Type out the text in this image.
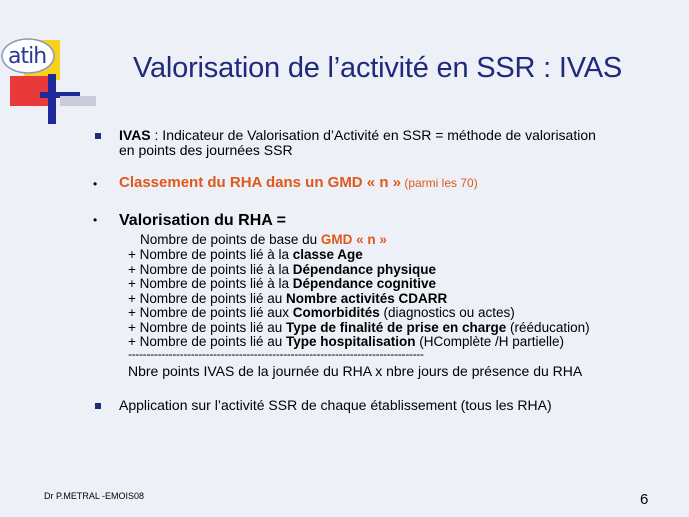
atih	Valorisation de l’activité en SSR : IVAS
IVAS : Indicateur de Valorisation d’Activité en SSR = méthode de valorisation
en points des journées SSR
• Classement du RHA dans un GMD « n » (parmi les 70)
• Valorisation du RHA =
Nombre de points de base du GMD « n »
+ Nombre de points lié à la classe Age
+ Nombre de points lié à la Dépendance physique
+ Nombre de points lié à la Dépendance cognitive
+ Nombre de points lié au Nombre activités CDARR
+ Nombre de points lié aux Comorbidités (diagnostics ou actes)
+ Nombre de points lié au Type de finalité de prise en charge (rééducation)
+ Nombre de points lié au Type hospitalisation (HComplète /H partielle)
--------------------------------------------------------------------------------
Nbre points IVAS de la journée du RHA x nbre jours de présence du RHA
Application sur l’activité SSR de chaque établissement (tous les RHA)
Dr P.METRAL -EMOIS08	6
